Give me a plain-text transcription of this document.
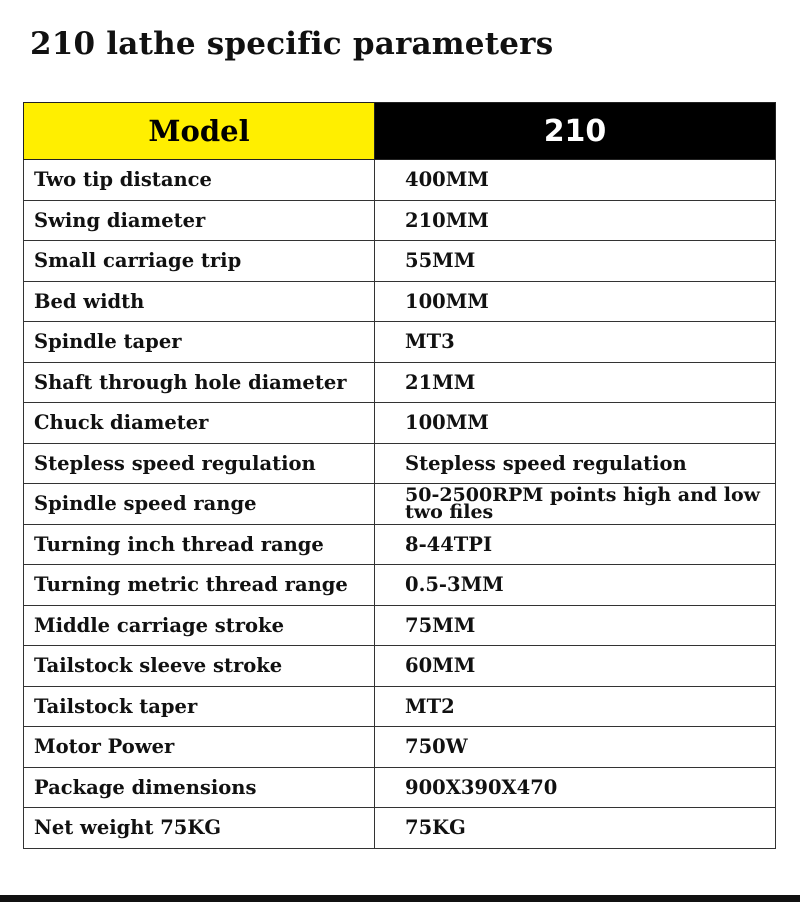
210 lathe specific parameters
Model	210
Two tip distance	400MM
Swing diameter	210MM
Small carriage trip	55MM
Bed width	100MM
Spindle taper	MT3
Shaft through hole diameter	21MM
Chuck diameter	100MM
Stepless speed regulation	Stepless speed regulation
Spindle speed range	50-2500RPM points high and low two files
Turning inch thread range	8-44TPI
Turning metric thread range	0.5-3MM
Middle carriage stroke	75MM
Tailstock sleeve stroke	60MM
Tailstock taper	MT2
Motor Power	750W
Package dimensions	900X390X470
Net weight 75KG	75KG
